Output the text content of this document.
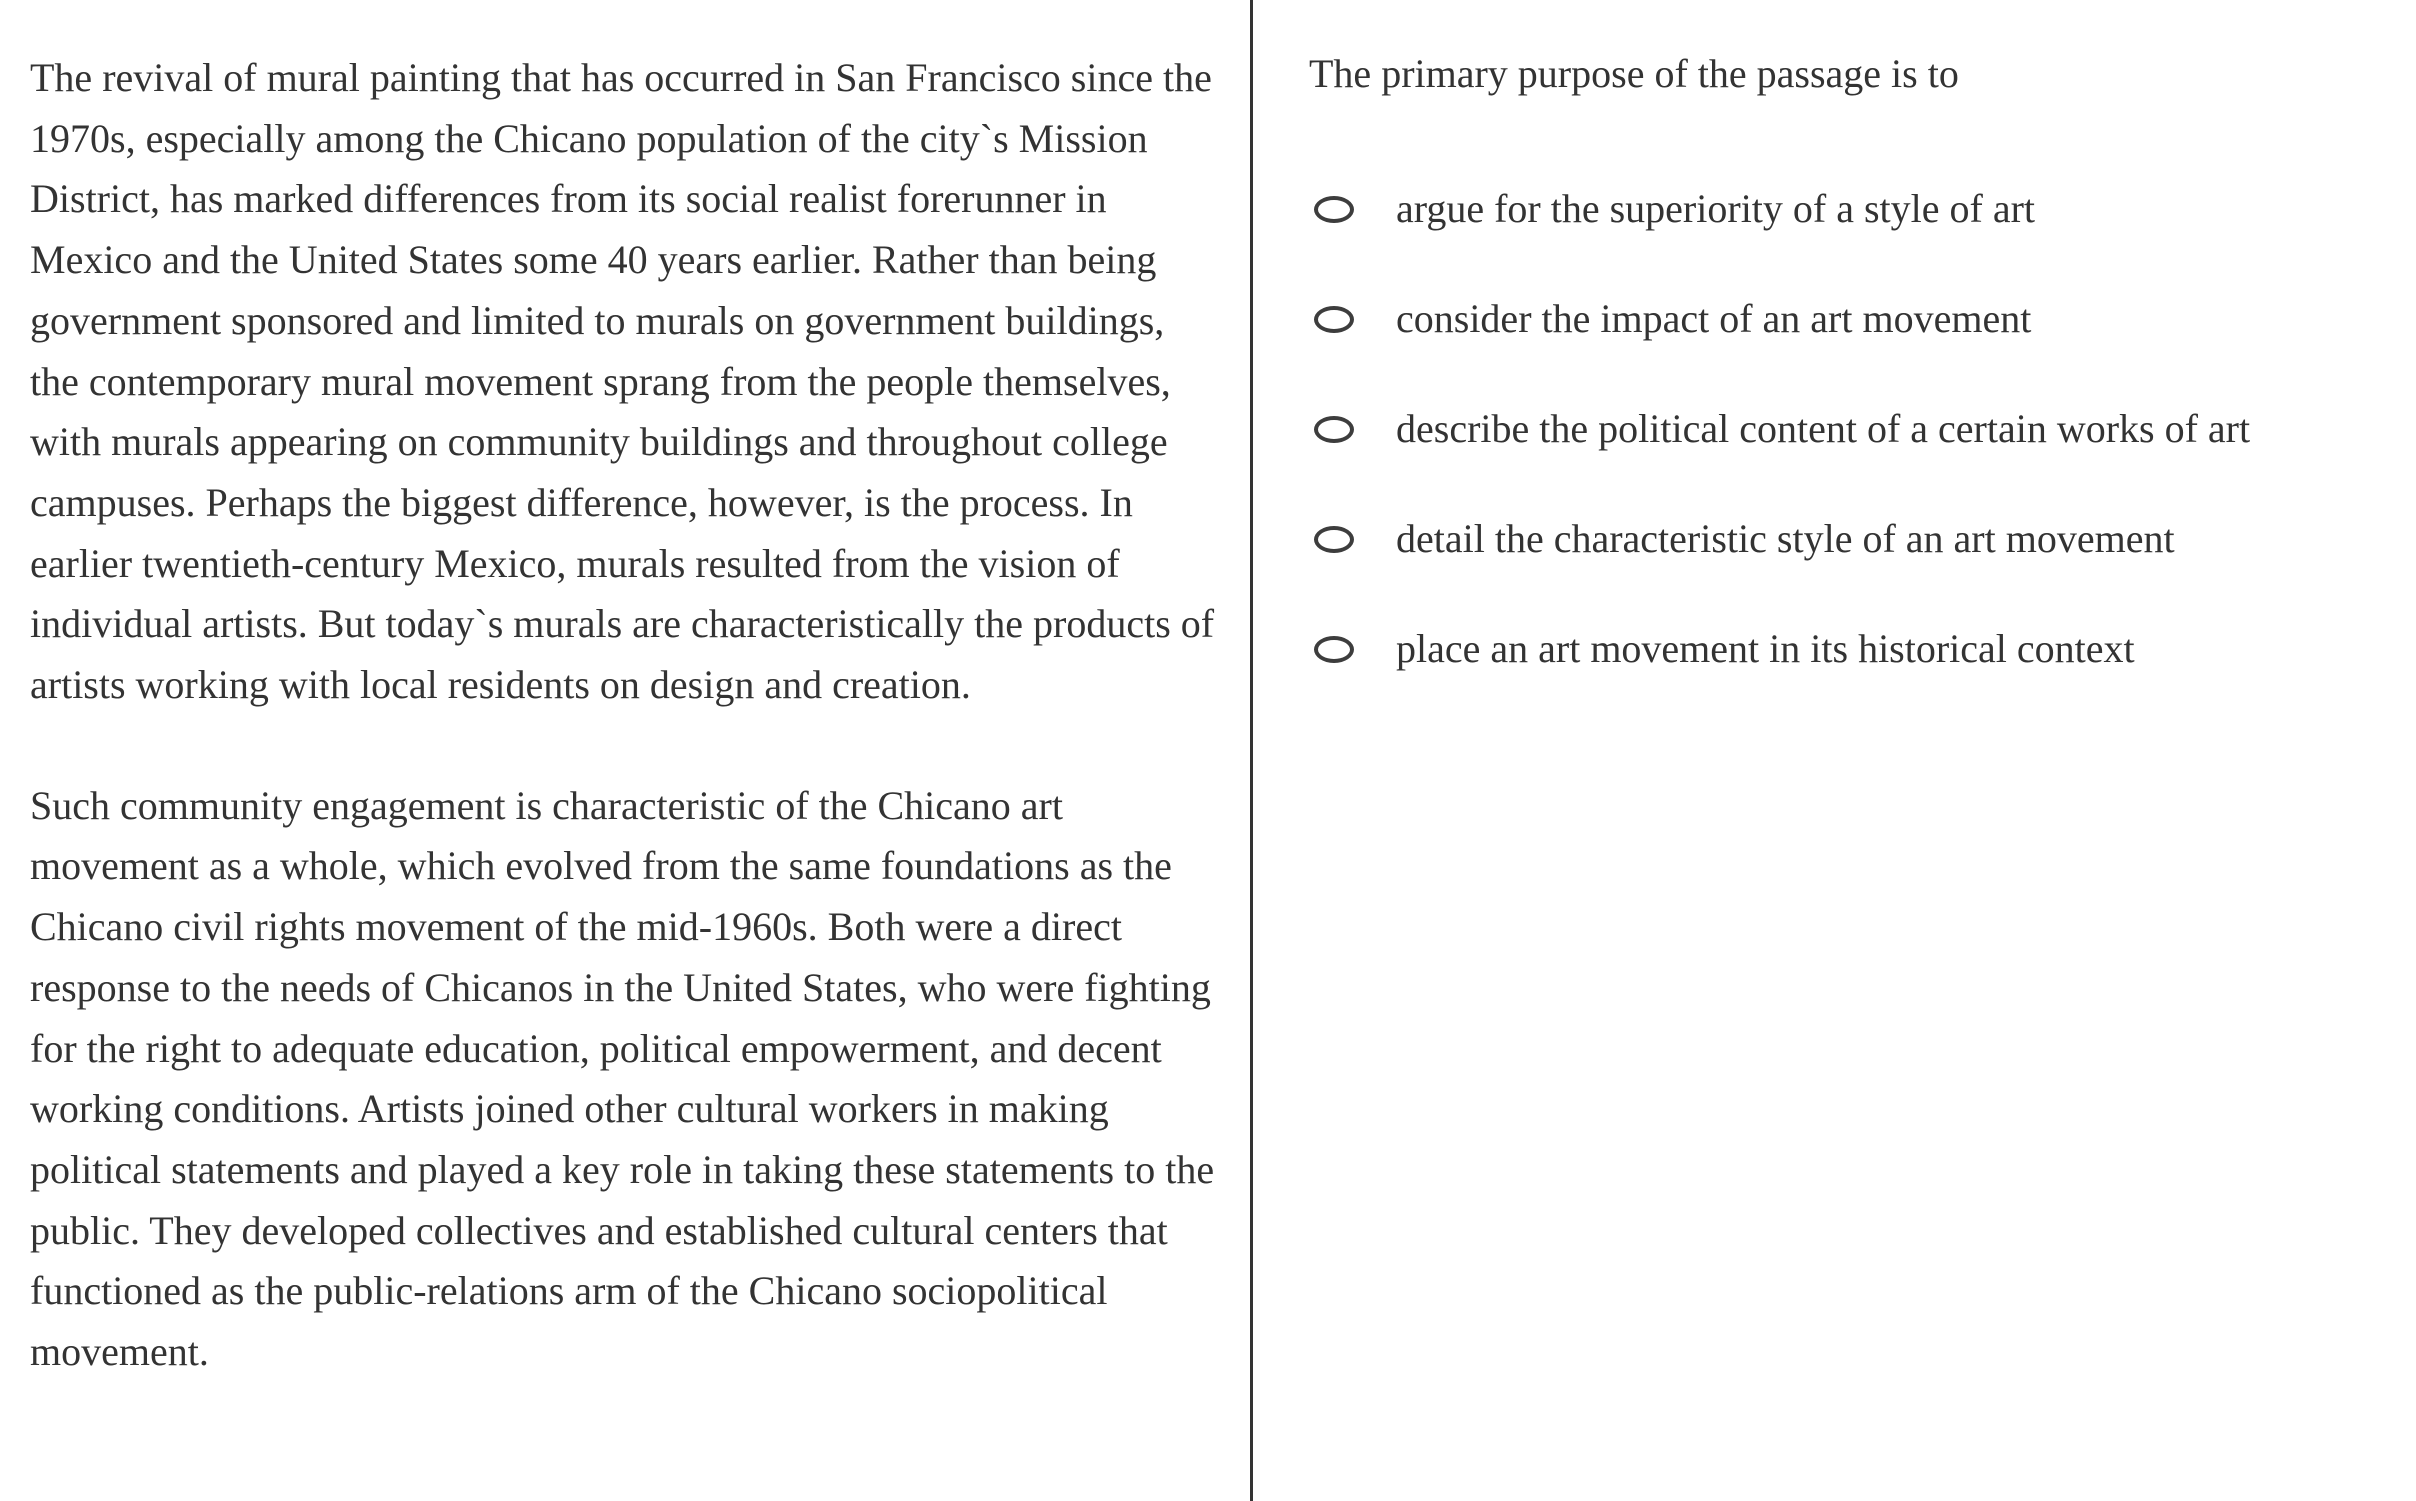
The revival of mural painting that has occurred in San Francisco since the 1970s, especially among the Chicano population of the city`s Mission District, has marked differences from its social realist forerunner in Mexico and the United States some 40 years earlier. Rather than being government sponsored and limited to murals on government buildings, the contemporary mural movement sprang from the people themselves, with murals appearing on community buildings and throughout college campuses. Perhaps the biggest difference, however, is the process. In earlier twentieth-century Mexico, murals resulted from the vision of individual artists. But today`s murals are characteristically the products of artists working with local residents on design and creation.

Such community engagement is characteristic of the Chicano art movement as a whole, which evolved from the same foundations as the Chicano civil rights movement of the mid-1960s. Both were a direct response to the needs of Chicanos in the United States, who were fighting for the right to adequate education, political empowerment, and decent working conditions. Artists joined other cultural workers in making political statements and played a key role in taking these statements to the public. They developed collectives and established cultural centers that functioned as the public-relations arm of the Chicano sociopolitical movement.

The primary purpose of the passage is to

argue for the superiority of a style of art
consider the impact of an art movement
describe the political content of a certain works of art
detail the characteristic style of an art movement
place an art movement in its historical context
